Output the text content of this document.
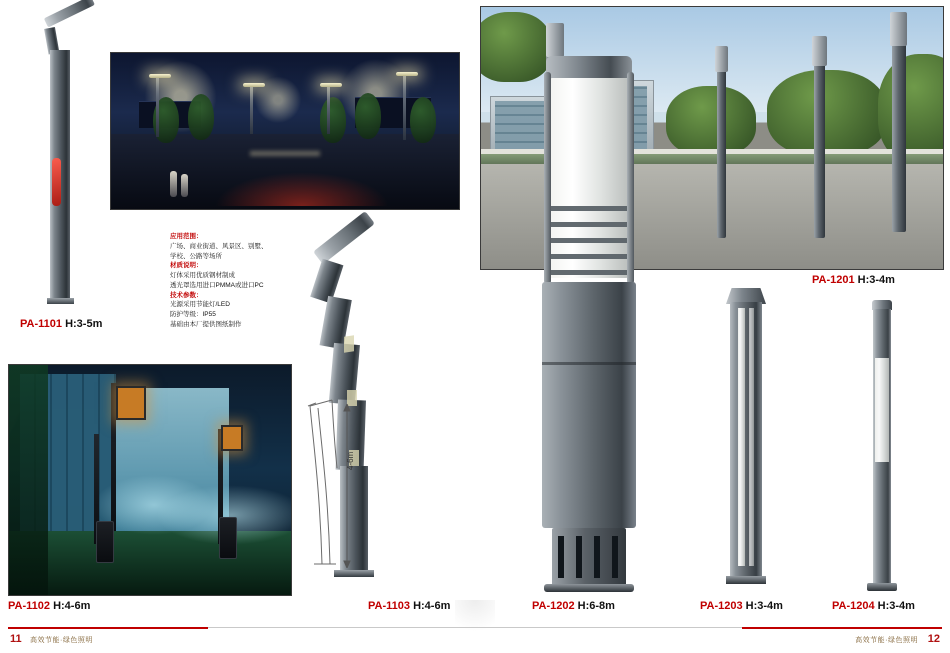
PA-1101 H:3-5m
应用范围：
广场、商业街道、风景区、别墅、
学校、公路等场所
材质说明：
灯体采用优质钢材制成
透光罩选用进口PMMA或进口PC
技术参数：
光源采用节能灯/LED
防护等级：IP55
基础由本厂提供图纸制作
PA-1102 H:4-6m
4-6m
PA-1103 H:4-6m
PA-1201 H:3-4m
PA-1202 H:6-8m	PA-1203 H:3-4m	PA-1204 H:3-4m
11 高效节能·绿色照明	12
高效节能·绿色照明
